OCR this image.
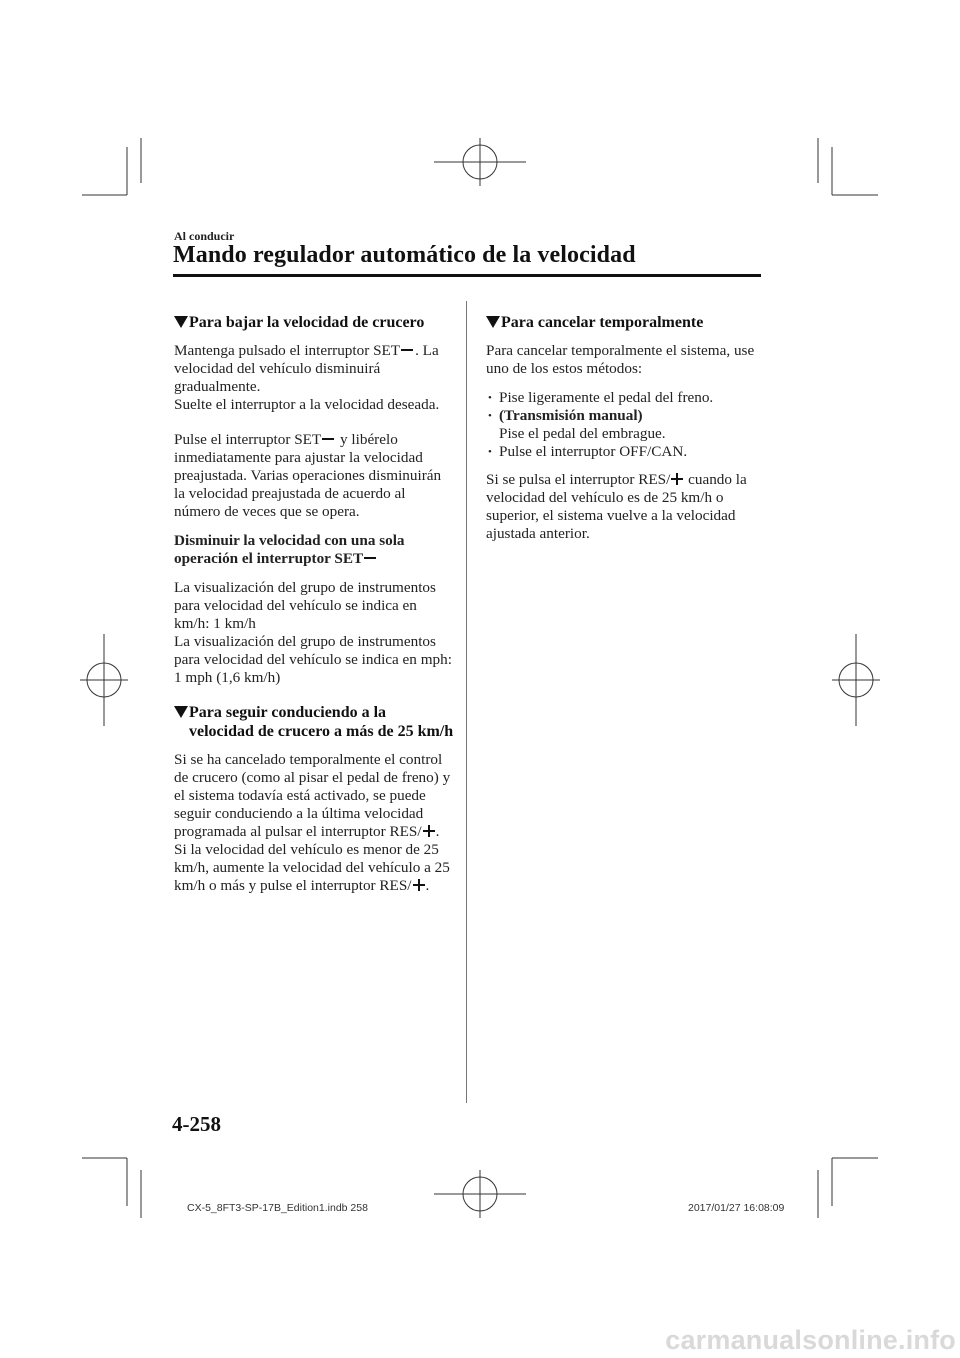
Al conducir
Mando regulador automático de la velocidad
Para bajar la velocidad de crucero

Mantenga pulsado el interruptor SET . La velocidad del vehículo disminuirá gradualmente.
Suelte el interruptor a la velocidad deseada.

Pulse el interruptor SET y libérelo inmediatamente para ajustar la velocidad preajustada. Varias operaciones disminuirán la velocidad preajustada de acuerdo al número de veces que se opera.

Disminuir la velocidad con una sola operación el interruptor SET

La visualización del grupo de instrumentos para velocidad del vehículo se indica en km/h: 1 km/h
La visualización del grupo de instrumentos para velocidad del vehículo se indica en mph: 1 mph (1,6 km/h)

Para seguir conduciendo a la velocidad de crucero a más de 25 km/h

Si se ha cancelado temporalmente el control de crucero (como al pisar el pedal de freno) y el sistema todavía está activado, se puede seguir conduciendo a la última velocidad programada al pulsar el interruptor RES/ .
Si la velocidad del vehículo es menor de 25 km/h, aumente la velocidad del vehículo a 25 km/h o más y pulse el interruptor RES/ .

Para cancelar temporalmente

Para cancelar temporalmente el sistema, use uno de los estos métodos:

• Pise ligeramente el pedal del freno.
• (Transmisión manual)
Pise el pedal del embrague.
• Pulse el interruptor OFF/CAN.

Si se pulsa el interruptor RES/ cuando la velocidad del vehículo es de 25 km/h o superior, el sistema vuelve a la velocidad ajustada anterior.

4-258
CX-5_8FT3-SP-17B_Edition1.indb 258	2017/01/27 16:08:09
carmanualsonline.info
